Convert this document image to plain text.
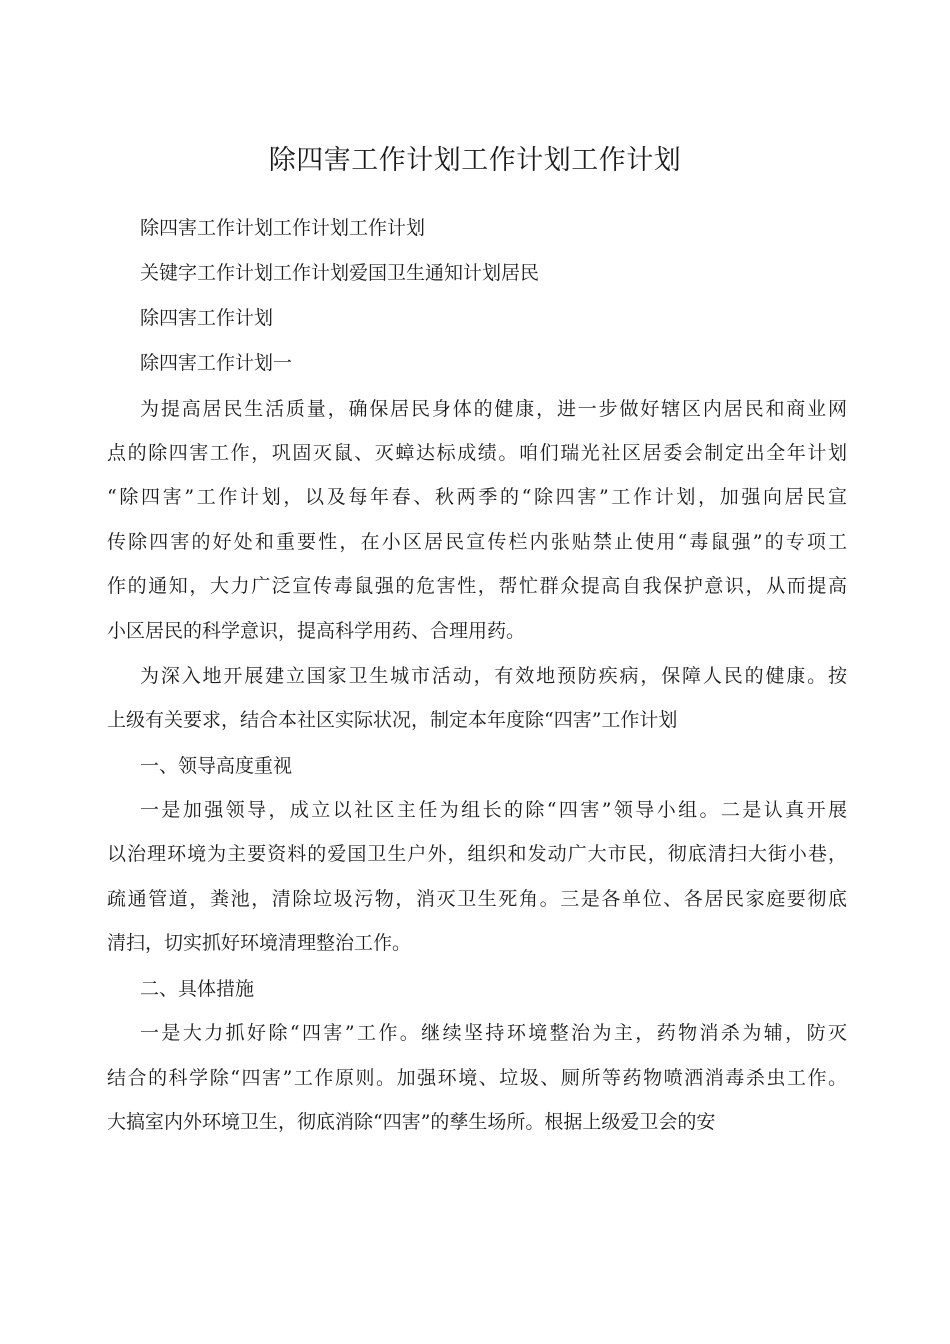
除四害工作计划工作计划工作计划
除四害工作计划工作计划工作计划
关键字工作计划工作计划爱国卫生通知计划居民
除四害工作计划
除四害工作计划一
为提高居民生活质量，确保居民身体的健康，进一步做好辖区内居民和商业网
点的除四害工作，巩固灭鼠、灭蟑达标成绩。咱们瑞光社区居委会制定出全年计划
“除四害”工作计划，以及每年春、秋两季的“除四害”工作计划，加强向居民宣
传除四害的好处和重要性，在小区居民宣传栏内张贴禁止使用“毒鼠强”的专项工
作的通知，大力广泛宣传毒鼠强的危害性，帮忙群众提高自我保护意识，从而提高
小区居民的科学意识，提高科学用药、合理用药。
为深入地开展建立国家卫生城市活动，有效地预防疾病，保障人民的健康。按
上级有关要求，结合本社区实际状况，制定本年度除“四害”工作计划
一、领导高度重视
一是加强领导，成立以社区主任为组长的除“四害”领导小组。二是认真开展
以治理环境为主要资料的爱国卫生户外，组织和发动广大市民，彻底清扫大街小巷，
疏通管道，粪池，清除垃圾污物，消灭卫生死角。三是各单位、各居民家庭要彻底
清扫，切实抓好环境清理整治工作。
二、具体措施
一是大力抓好除“四害”工作。继续坚持环境整治为主，药物消杀为辅，防灭
结合的科学除“四害”工作原则。加强环境、垃圾、厕所等药物喷洒消毒杀虫工作。
大搞室内外环境卫生，彻底消除“四害”的孳生场所。根据上级爱卫会的安
